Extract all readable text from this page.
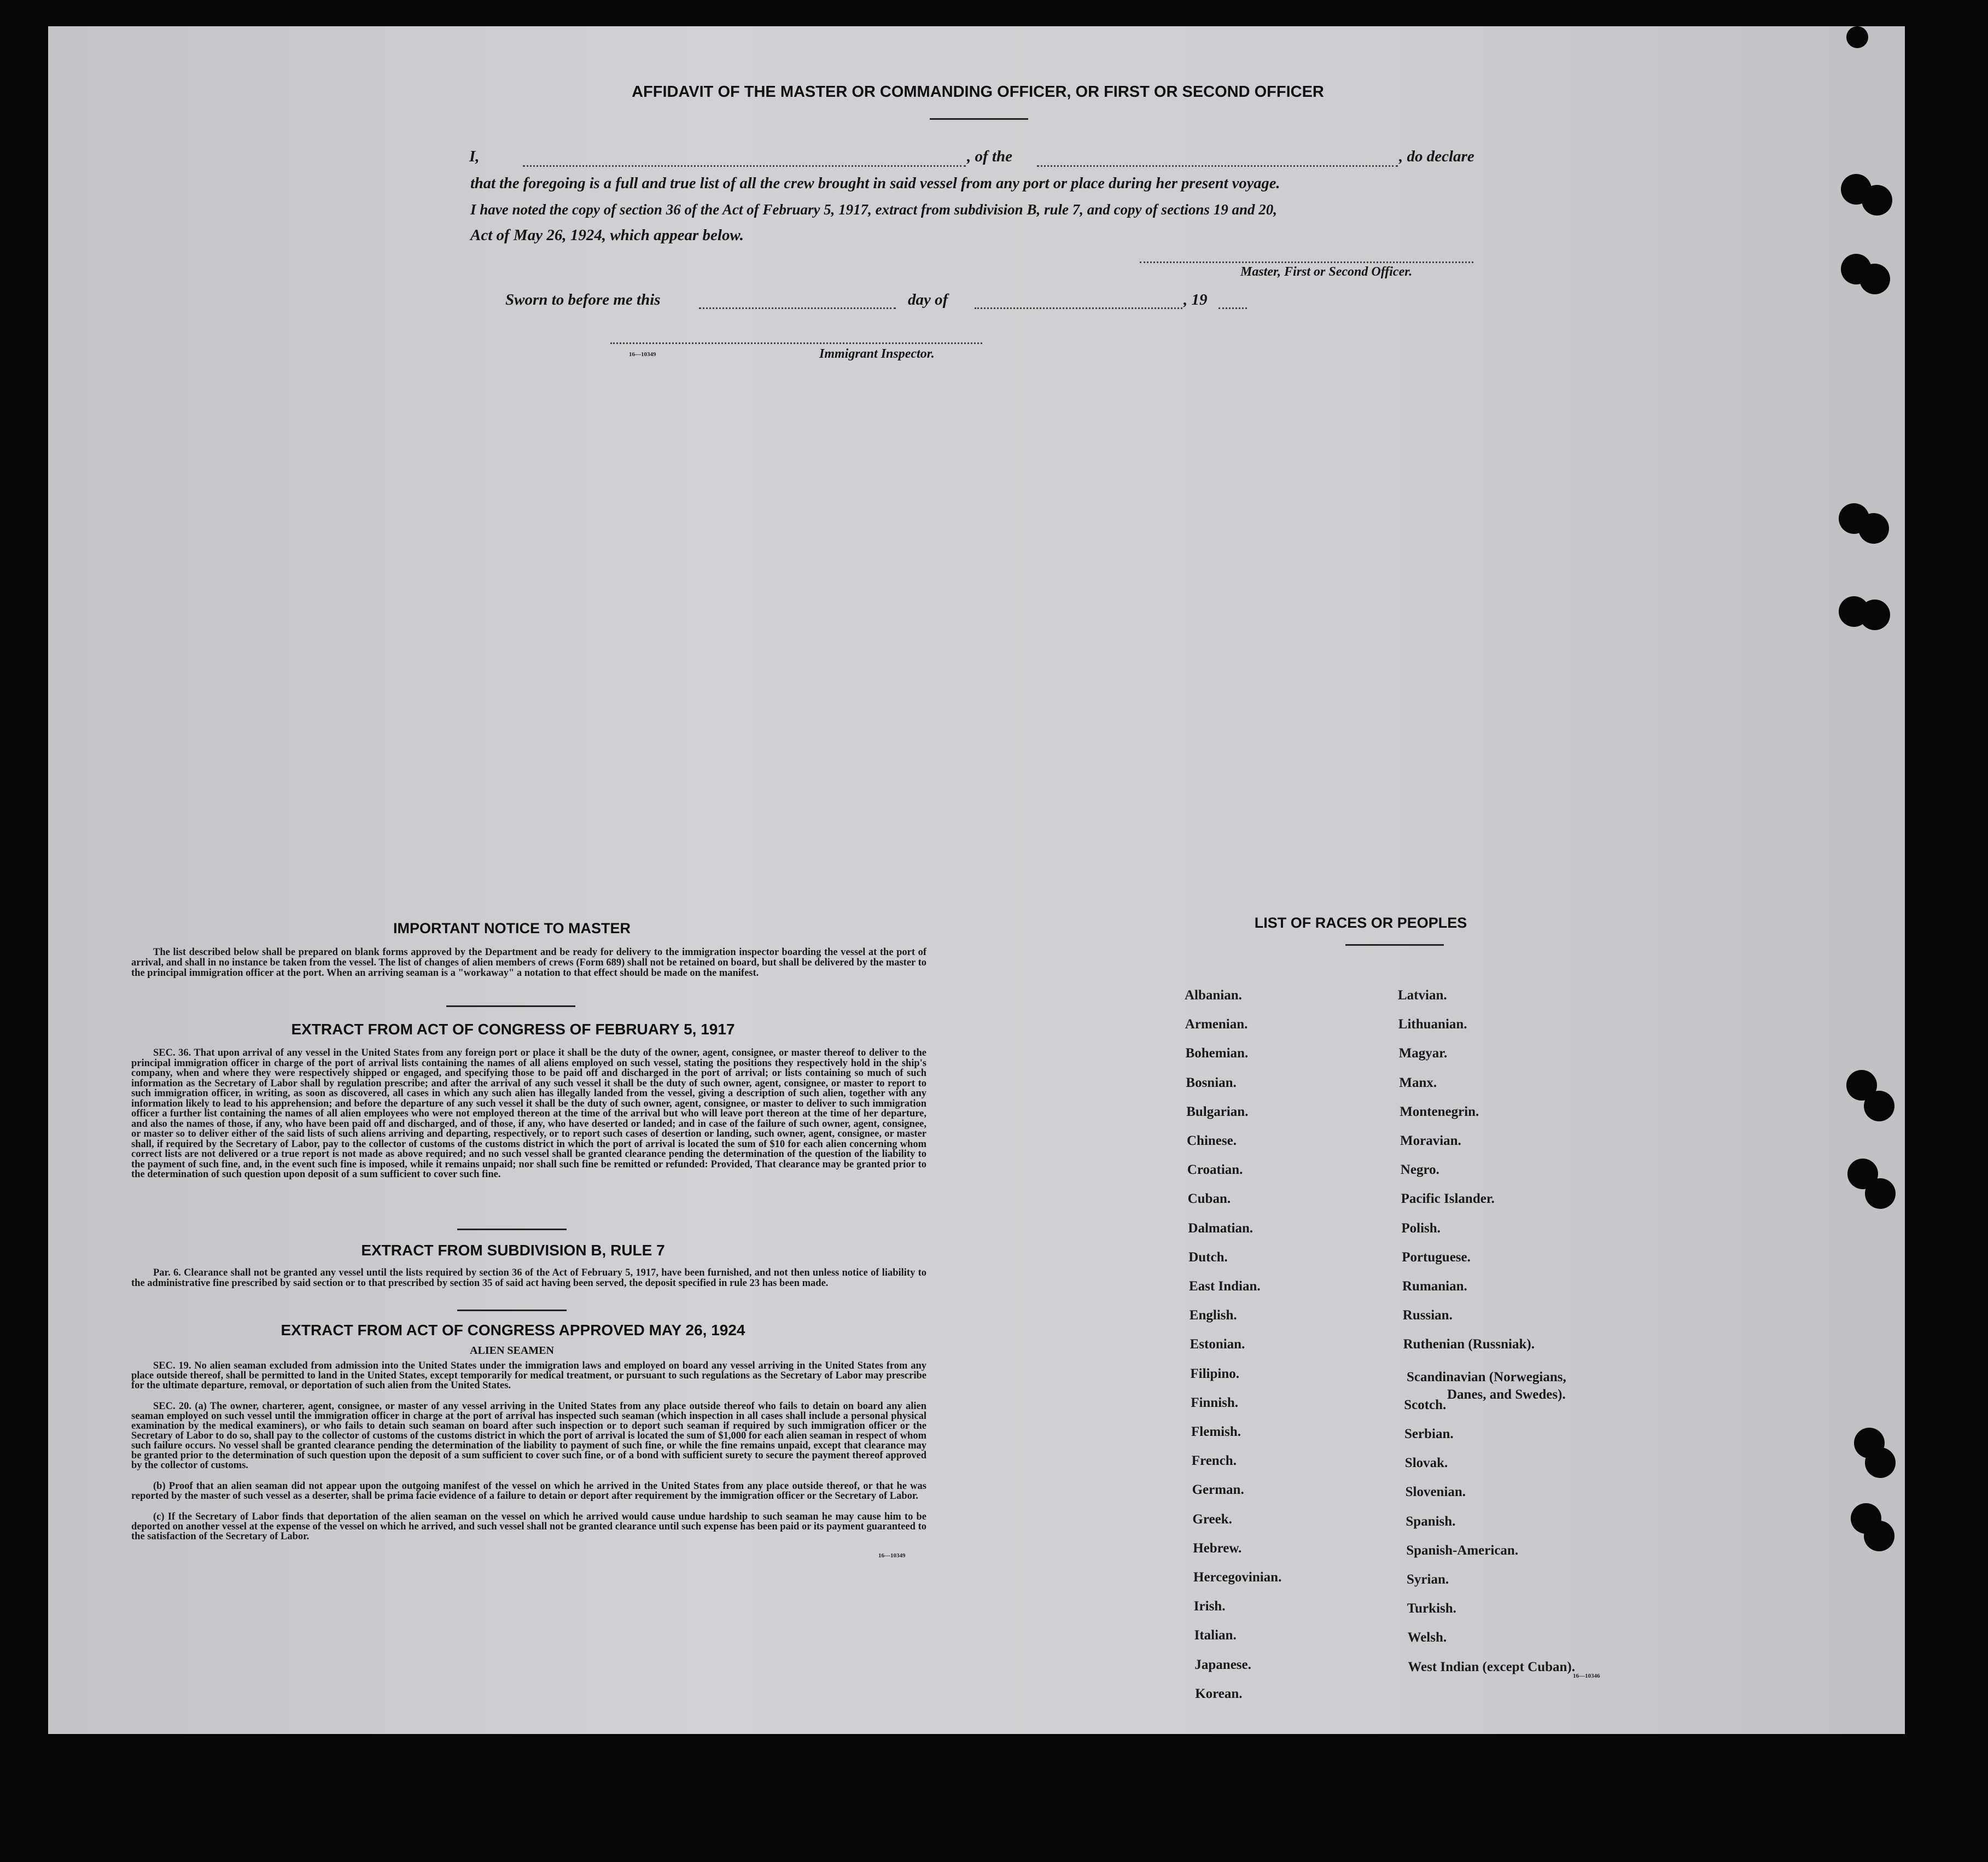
AFFIDAVIT OF THE MASTER OR COMMANDING OFFICER, OR FIRST OR SECOND OFFICER
I,	, of the	, do declare
that the foregoing is a full and true list of all the crew brought in said vessel from any port or place during her present voyage.
I have noted the copy of section 36 of the Act of February 5, 1917, extract from subdivision B, rule 7, and copy of sections 19 and 20,
Act of May 26, 1924, which appear below.
Master, First or Second Officer.
Sworn to before me this	day of	, 19
16—10349	Immigrant Inspector.
IMPORTANT NOTICE TO MASTER
The list described below shall be prepared on blank forms approved by the Department and be ready for delivery to the immigration inspector boarding the vessel at the port of arrival, and shall in no instance be taken from the vessel. The list of changes of alien members of crews (Form 689) shall not be retained on board, but shall be delivered by the master to the principal immigration officer at the port. When an arriving seaman is a "workaway" a notation to that effect should be made on the manifest.
EXTRACT FROM ACT OF CONGRESS OF FEBRUARY 5, 1917
SEC. 36. That upon arrival of any vessel in the United States from any foreign port or place it shall be the duty of the owner, agent, consignee, or master thereof to deliver to the principal immigration officer in charge of the port of arrival lists containing the names of all aliens employed on such vessel, stating the positions they respectively hold in the ship's company, when and where they were respectively shipped or engaged, and specifying those to be paid off and discharged in the port of arrival; or lists containing so much of such information as the Secretary of Labor shall by regulation prescribe; and after the arrival of any such vessel it shall be the duty of such owner, agent, consignee, or master to report to such immigration officer, in writing, as soon as discovered, all cases in which any such alien has illegally landed from the vessel, giving a description of such alien, together with any information likely to lead to his apprehension; and before the departure of any such vessel it shall be the duty of such owner, agent, consignee, or master to deliver to such immigration officer a further list containing the names of all alien employees who were not employed thereon at the time of the arrival but who will leave port thereon at the time of her departure, and also the names of those, if any, who have been paid off and discharged, and of those, if any, who have deserted or landed; and in case of the failure of such owner, agent, consignee, or master so to deliver either of the said lists of such aliens arriving and departing, respectively, or to report such cases of desertion or landing, such owner, agent, consignee, or master shall, if required by the Secretary of Labor, pay to the collector of customs of the customs district in which the port of arrival is located the sum of $10 for each alien concerning whom correct lists are not delivered or a true report is not made as above required; and no such vessel shall be granted clearance pending the determination of the question of the liability to the payment of such fine, and, in the event such fine is imposed, while it remains unpaid; nor shall such fine be remitted or refunded: Provided, That clearance may be granted prior to the determination of such question upon deposit of a sum sufficient to cover such fine.
EXTRACT FROM SUBDIVISION B, RULE 7
Par. 6. Clearance shall not be granted any vessel until the lists required by section 36 of the Act of February 5, 1917, have been furnished, and not then unless notice of liability to the administrative fine prescribed by said section or to that prescribed by section 35 of said act having been served, the deposit specified in rule 23 has been made.
EXTRACT FROM ACT OF CONGRESS APPROVED MAY 26, 1924
ALIEN SEAMEN
SEC. 19. No alien seaman excluded from admission into the United States under the immigration laws and employed on board any vessel arriving in the United States from any place outside thereof, shall be permitted to land in the United States, except temporarily for medical treatment, or pursuant to such regulations as the Secretary of Labor may prescribe for the ultimate departure, removal, or deportation of such alien from the United States.
SEC. 20. (a) The owner, charterer, agent, consignee, or master of any vessel arriving in the United States from any place outside thereof who fails to detain on board any alien seaman employed on such vessel until the immigration officer in charge at the port of arrival has inspected such seaman (which inspection in all cases shall include a personal physical examination by the medical examiners), or who fails to detain such seaman on board after such inspection or to deport such seaman if required by such immigration officer or the Secretary of Labor to do so, shall pay to the collector of customs of the customs district in which the port of arrival is located the sum of $1,000 for each alien seaman in respect of whom such failure occurs. No vessel shall be granted clearance pending the determination of the liability to payment of such fine, or while the fine remains unpaid, except that clearance may be granted prior to the determination of such question upon the deposit of a sum sufficient to cover such fine, or of a bond with sufficient surety to secure the payment thereof approved by the collector of customs.
(b) Proof that an alien seaman did not appear upon the outgoing manifest of the vessel on which he arrived in the United States from any place outside thereof, or that he was reported by the master of such vessel as a deserter, shall be prima facie evidence of a failure to detain or deport after requirement by the immigration officer or the Secretary of Labor.
(c) If the Secretary of Labor finds that deportation of the alien seaman on the vessel on which he arrived would cause undue hardship to such seaman he may cause him to be deported on another vessel at the expense of the vessel on which he arrived, and such vessel shall not be granted clearance until such expense has been paid or its payment guaranteed to the satisfaction of the Secretary of Labor.
16—10349
LIST OF RACES OR PEOPLES
16—10346
Albanian.
Armenian.
Bohemian.
Bosnian.
Bulgarian.
Chinese.
Croatian.
Cuban.
Dalmatian.
Dutch.
East Indian.
English.
Estonian.
Filipino.
Finnish.
Flemish.
French.
German.
Greek.
Hebrew.
Hercegovinian.
Irish.
Italian.
Japanese.
Korean.
Latvian.
Lithuanian.
Magyar.
Manx.
Montenegrin.
Moravian.
Negro.
Pacific Islander.
Polish.
Portuguese.
Rumanian.
Russian.
Ruthenian (Russniak).
Scandinavian (Norwegians,
Danes, and Swedes).
Scotch.
Serbian.
Slovak.
Slovenian.
Spanish.
Spanish-American.
Syrian.
Turkish.
Welsh.
West Indian (except Cuban).
